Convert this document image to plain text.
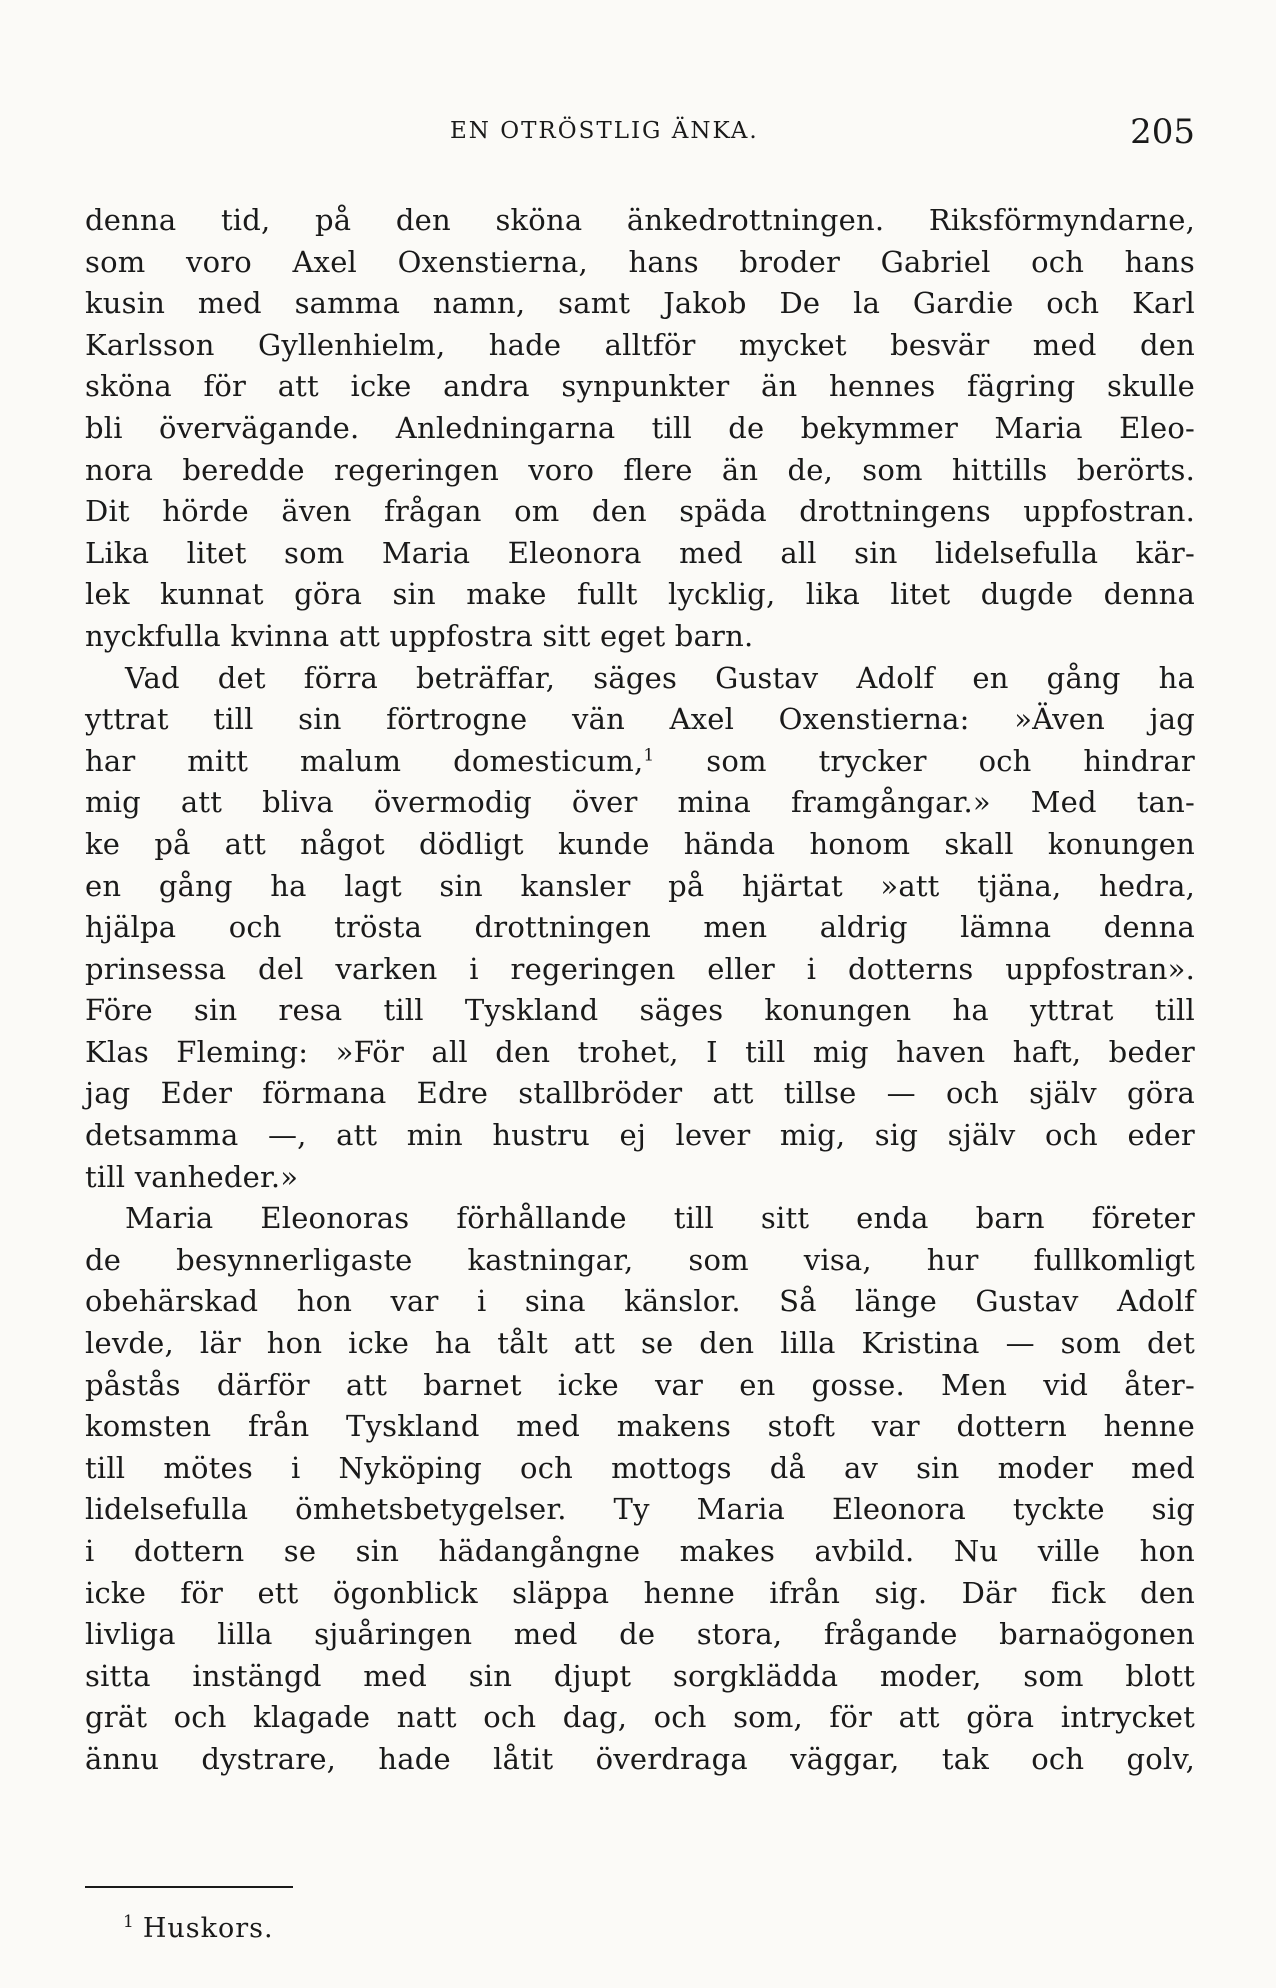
EN OTRÖSTLIG ÄNKA.	205
denna tid, på den sköna änkedrottningen. Riksförmyndarne,
som voro Axel Oxenstierna, hans broder Gabriel och hans
kusin med samma namn, samt Jakob De la Gardie och Karl
Karlsson Gyllenhielm, hade alltför mycket besvär med den
sköna för att icke andra synpunkter än hennes fägring skulle
bli övervägande. Anledningarna till de bekymmer Maria Eleo-
nora beredde regeringen voro flere än de, som hittills berörts.
Dit hörde även frågan om den späda drottningens uppfostran.
Lika litet som Maria Eleonora med all sin lidelsefulla kär-
lek kunnat göra sin make fullt lycklig, lika litet dugde denna
nyckfulla kvinna att uppfostra sitt eget barn.
Vad det förra beträffar, säges Gustav Adolf en gång ha
yttrat till sin förtrogne vän Axel Oxenstierna: »Även jag
har mitt malum domesticum,$^1$ som trycker och hindrar
mig att bliva övermodig över mina framgångar.» Med tan-
ke på att något dödligt kunde hända honom skall konungen
en gång ha lagt sin kansler på hjärtat »att tjäna, hedra,
hjälpa och trösta drottningen men aldrig lämna denna
prinsessa del varken i regeringen eller i dotterns uppfostran».
Före sin resa till Tyskland säges konungen ha yttrat till
Klas Fleming: »För all den trohet, I till mig haven haft, beder
jag Eder förmana Edre stallbröder att tillse — och själv göra
detsamma —, att min hustru ej lever mig, sig själv och eder
till vanheder.»
Maria Eleonoras förhållande till sitt enda barn företer
de besynnerligaste kastningar, som visa, hur fullkomligt
obehärskad hon var i sina känslor. Så länge Gustav Adolf
levde, lär hon icke ha tålt att se den lilla Kristina — som det
påstås därför att barnet icke var en gosse. Men vid åter-
komsten från Tyskland med makens stoft var dottern henne
till mötes i Nyköping och mottogs då av sin moder med
lidelsefulla ömhetsbetygelser. Ty Maria Eleonora tyckte sig
i dottern se sin hädangångne makes avbild. Nu ville hon
icke för ett ögonblick släppa henne ifrån sig. Där fick den
livliga lilla sjuåringen med de stora, frågande barnaögonen
sitta instängd med sin djupt sorgklädda moder, som blott
grät och klagade natt och dag, och som, för att göra intrycket
ännu dystrare, hade låtit överdraga väggar, tak och golv,
$^1$ Huskors.
